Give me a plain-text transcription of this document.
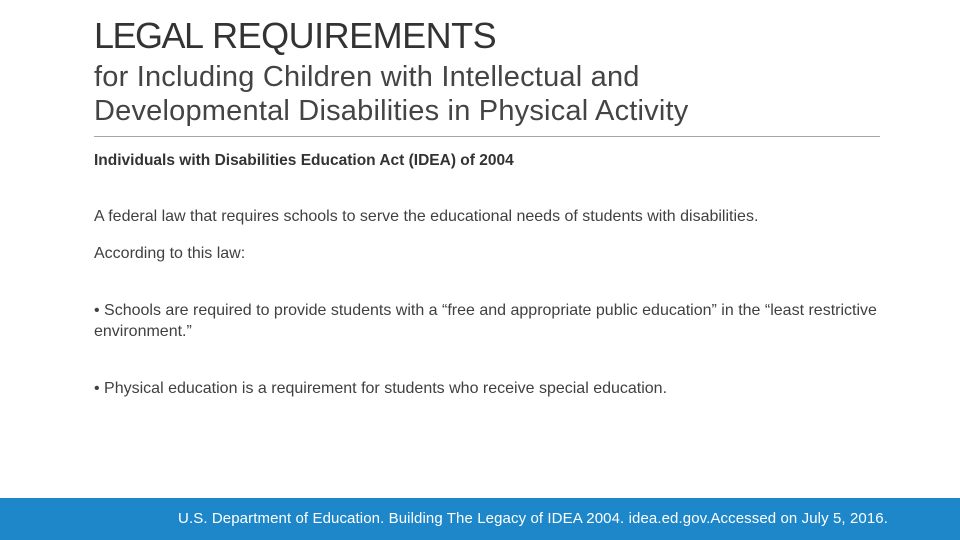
LEGAL REQUIREMENTS
for Including Children with Intellectual and
Developmental Disabilities in Physical Activity
Individuals with Disabilities Education Act (IDEA) of 2004
A federal law that requires schools to serve the educational needs of students with disabilities.
According to this law:
• Schools are required to provide students with a “free and appropriate public education” in the “least restrictive environment.”
• Physical education is a requirement for students who receive special education.
U.S. Department of Education. Building The Legacy of IDEA 2004. idea.ed.gov.Accessed on July 5, 2016.
